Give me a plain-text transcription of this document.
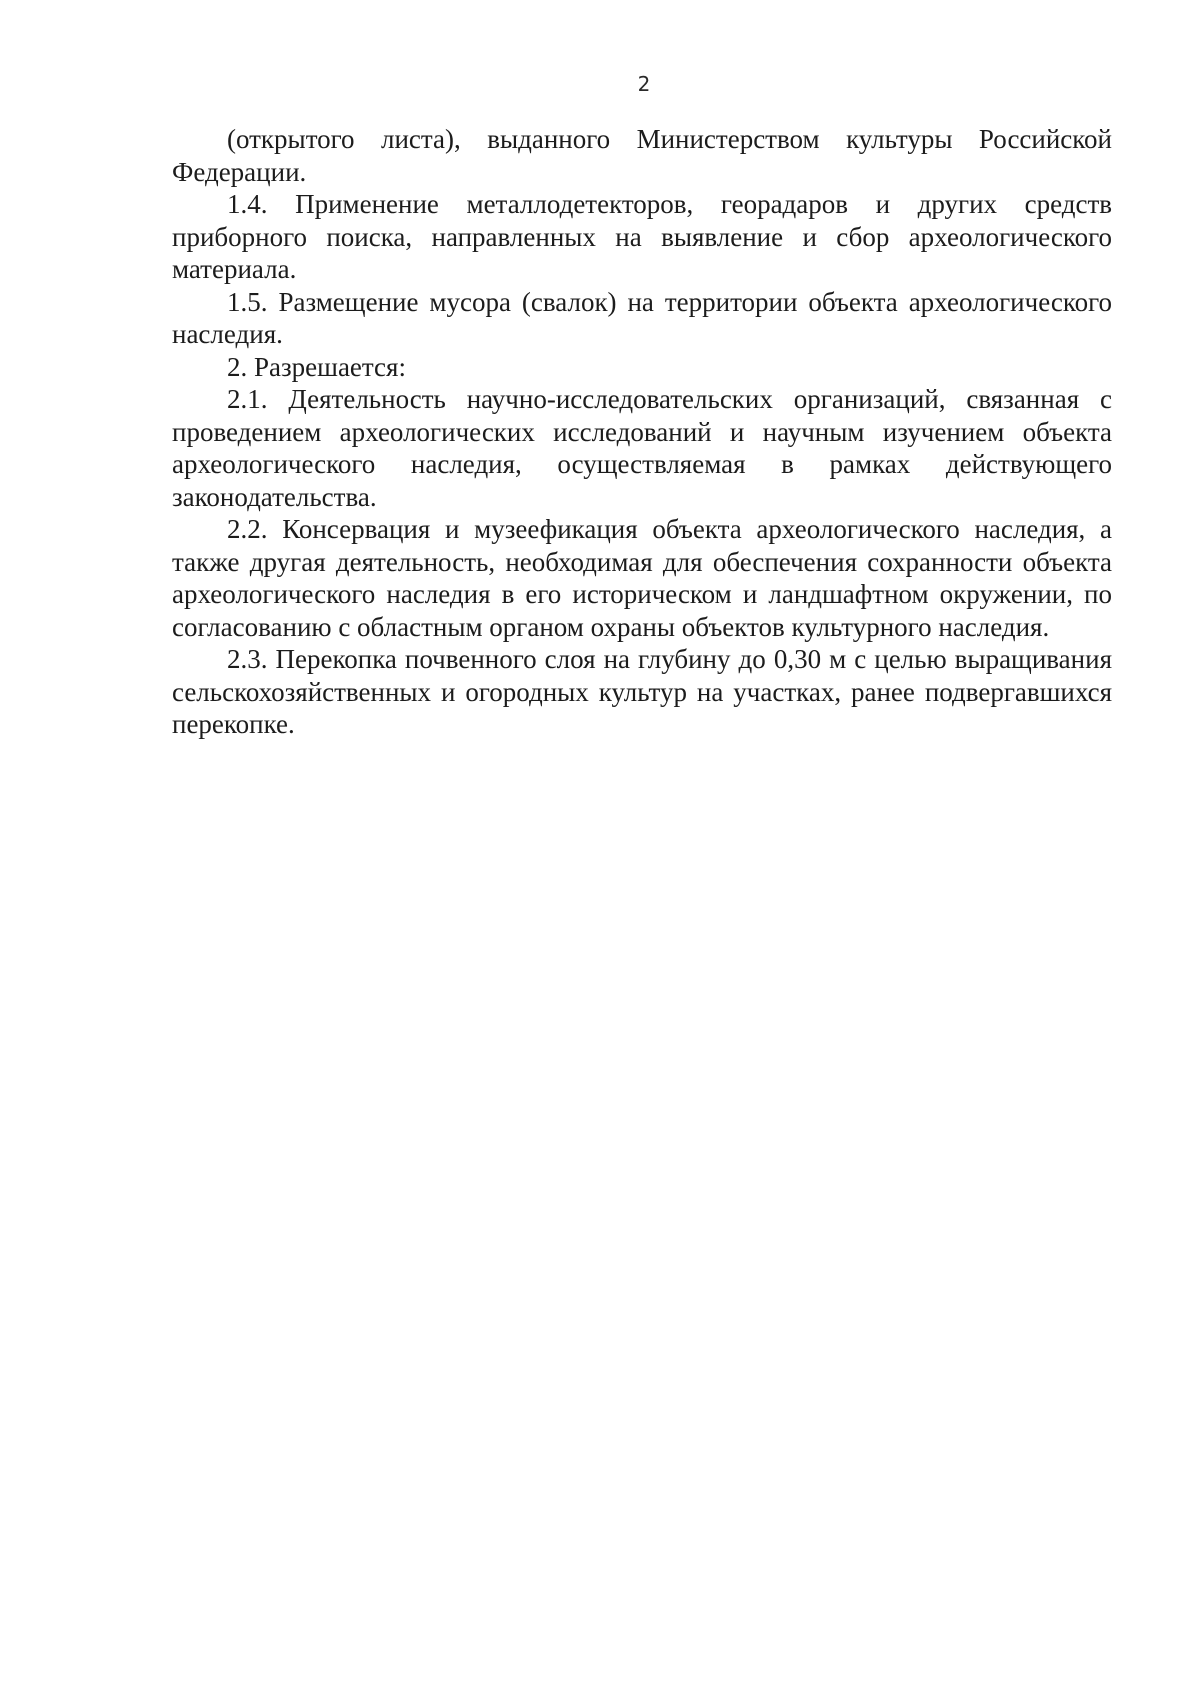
2

(открытого листа), выданного Министерством культуры Российской Федерации.

1.4. Применение металлодетекторов, георадаров и других средств приборного поиска, направленных на выявление и сбор археологического материала.

1.5. Размещение мусора (свалок) на территории объекта археологического наследия.

2. Разрешается:

2.1. Деятельность научно-исследовательских организаций, связанная с проведением археологических исследований и научным изучением объекта археологического наследия, осуществляемая в рамках действующего законодательства.

2.2. Консервация и музеефикация объекта археологического наследия, а также другая деятельность, необходимая для обеспечения сохранности объекта археологического наследия в его историческом и ландшафтном окружении, по согласованию с областным органом охраны объектов культурного наследия.

2.3. Перекопка почвенного слоя на глубину до 0,30 м с целью выращивания сельскохозяйственных и огородных культур на участках, ранее подвергавшихся перекопке.
